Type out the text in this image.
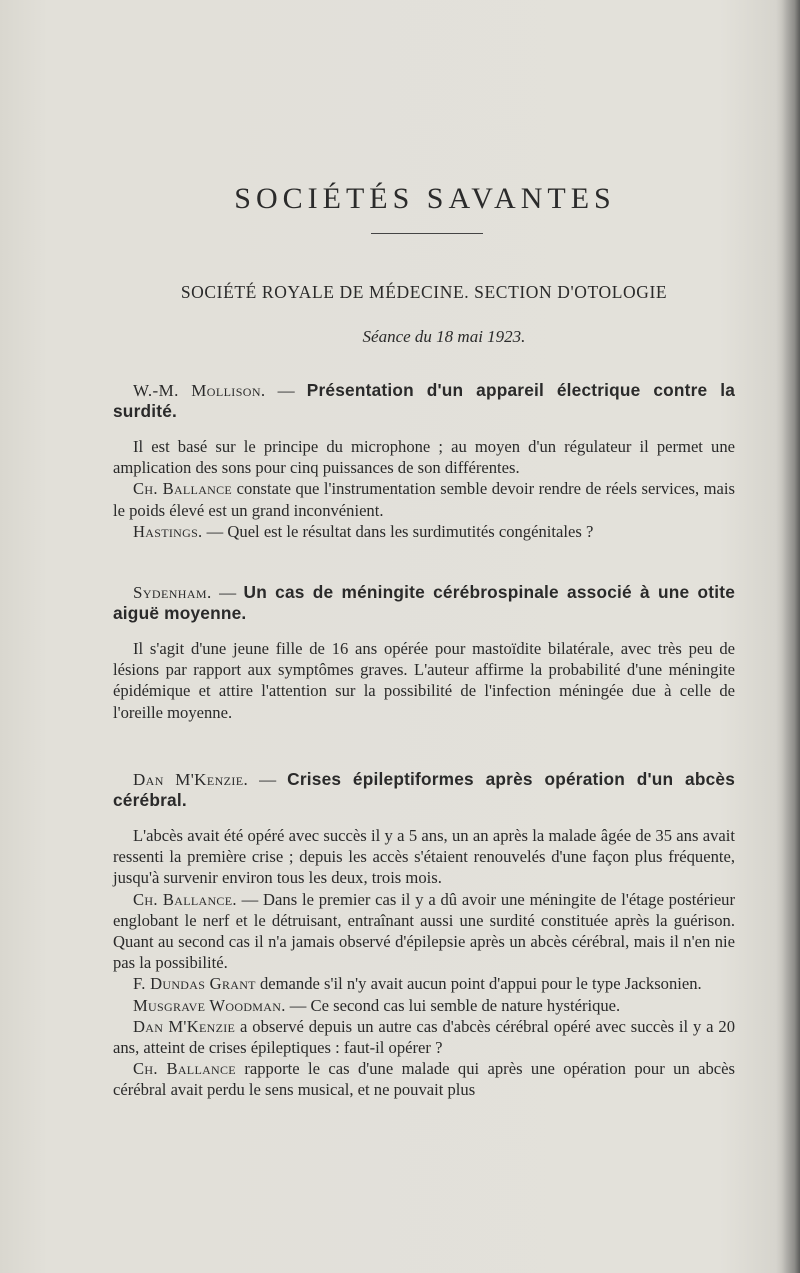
SOCIÉTÉS SAVANTES
SOCIÉTÉ ROYALE DE MÉDECINE. SECTION D'OTOLOGIE

Séance du 18 mai 1923.

W.-M. Mollison. — Présentation d'un appareil électrique contre la surdité.

Il est basé sur le principe du microphone ; au moyen d'un régulateur il permet une amplication des sons pour cinq puissances de son différentes.

Ch. Ballance constate que l'instrumentation semble devoir rendre de réels services, mais le poids élevé est un grand inconvénient.

Hastings. — Quel est le résultat dans les surdimutités congénitales ?

Sydenham. — Un cas de méningite cérébrospinale associé à une otite aiguë moyenne.

Il s'agit d'une jeune fille de 16 ans opérée pour mastoïdite bilatérale, avec très peu de lésions par rapport aux symptômes graves. L'auteur affirme la probabilité d'une méningite épidémique et attire l'attention sur la possibilité de l'infection méningée due à celle de l'oreille moyenne.

Dan M'Kenzie. — Crises épileptiformes après opération d'un abcès cérébral.

L'abcès avait été opéré avec succès il y a 5 ans, un an après la malade âgée de 35 ans avait ressenti la première crise ; depuis les accès s'étaient renouvelés d'une façon plus fréquente, jusqu'à survenir environ tous les deux, trois mois.

Ch. Ballance. — Dans le premier cas il y a dû avoir une méningite de l'étage postérieur englobant le nerf et le détruisant, entraînant aussi une surdité constituée après la guérison. Quant au second cas il n'a jamais observé d'épilepsie après un abcès cérébral, mais il n'en nie pas la possibilité.

F. Dundas Grant demande s'il n'y avait aucun point d'appui pour le type Jacksonien.

Musgrave Woodman. — Ce second cas lui semble de nature hystérique.

Dan M'Kenzie a observé depuis un autre cas d'abcès cérébral opéré avec succès il y a 20 ans, atteint de crises épileptiques : faut-il opérer ?

Ch. Ballance rapporte le cas d'une malade qui après une opération pour un abcès cérébral avait perdu le sens musical, et ne pouvait plus
